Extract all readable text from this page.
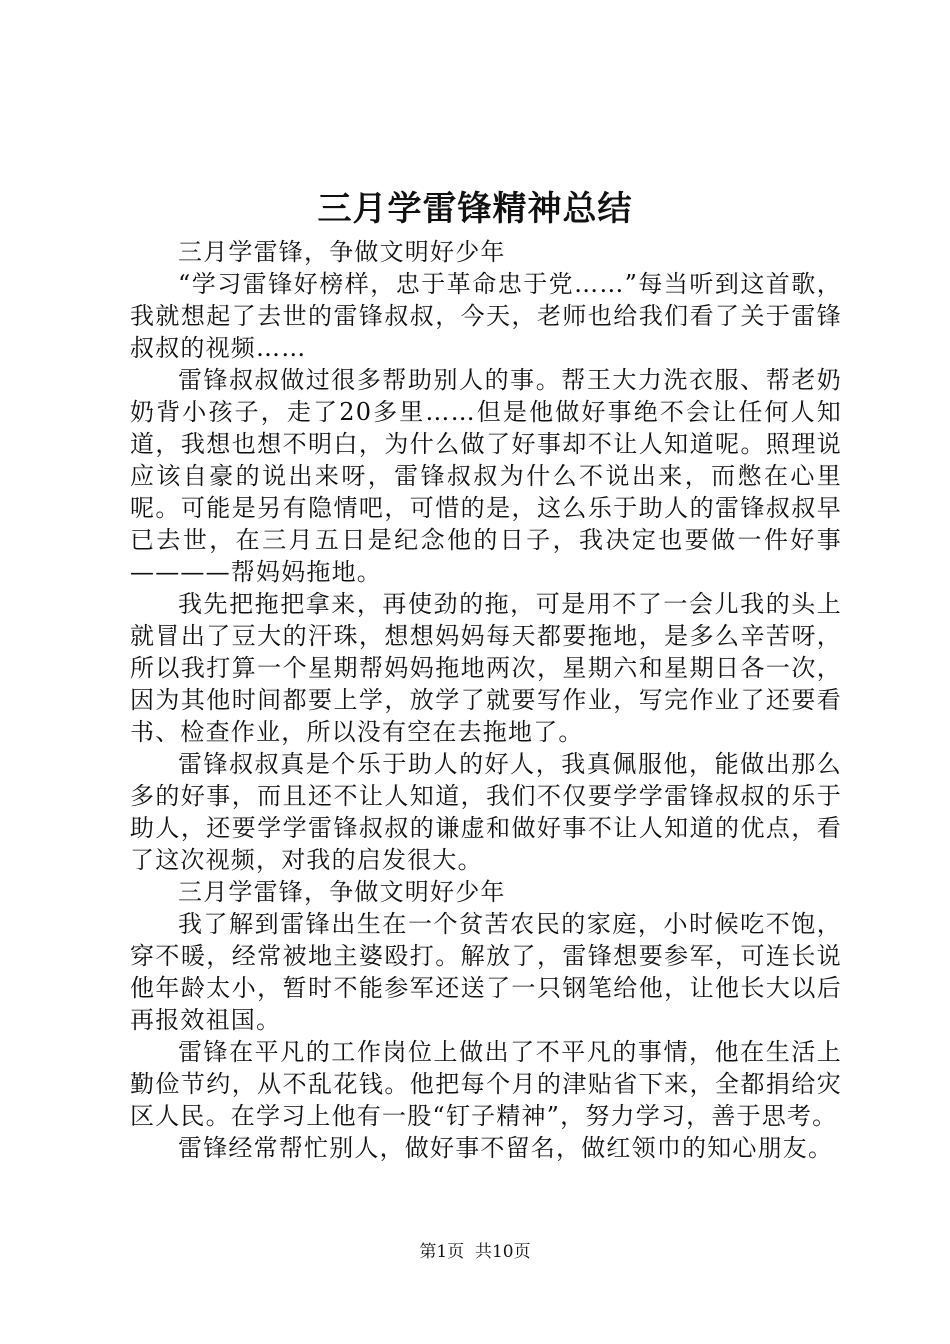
三月学雷锋精神总结

三月学雷锋，争做文明好少年

“学习雷锋好榜样，忠于革命忠于党……”每当听到这首歌，我就想起了去世的雷锋叔叔，今天，老师也给我们看了关于雷锋叔叔的视频……

雷锋叔叔做过很多帮助别人的事。帮王大力洗衣服、帮老奶奶背小孩子，走了20多里……但是他做好事绝不会让任何人知道，我想也想不明白，为什么做了好事却不让人知道呢。照理说应该自豪的说出来呀，雷锋叔叔为什么不说出来，而憋在心里呢。可能是另有隐情吧，可惜的是，这么乐于助人的雷锋叔叔早已去世，在三月五日是纪念他的日子，我决定也要做一件好事————帮妈妈拖地。

我先把拖把拿来，再使劲的拖，可是用不了一会儿我的头上就冒出了豆大的汗珠，想想妈妈每天都要拖地，是多么辛苦呀，所以我打算一个星期帮妈妈拖地两次，星期六和星期日各一次，因为其他时间都要上学，放学了就要写作业，写完作业了还要看书、检查作业，所以没有空在去拖地了。

雷锋叔叔真是个乐于助人的好人，我真佩服他，能做出那么多的好事，而且还不让人知道，我们不仅要学学雷锋叔叔的乐于助人，还要学学雷锋叔叔的谦虚和做好事不让人知道的优点，看了这次视频，对我的启发很大。

三月学雷锋，争做文明好少年

我了解到雷锋出生在一个贫苦农民的家庭，小时候吃不饱，穿不暖，经常被地主婆殴打。解放了，雷锋想要参军，可连长说他年龄太小，暂时不能参军还送了一只钢笔给他，让他长大以后再报效祖国。

雷锋在平凡的工作岗位上做出了不平凡的事情，他在生活上勤俭节约，从不乱花钱。他把每个月的津贴省下来，全都捐给灾区人民。在学习上他有一股“钉子精神”，努力学习，善于思考。

雷锋经常帮忙别人，做好事不留名，做红领巾的知心朋友。

第1页  共10页
